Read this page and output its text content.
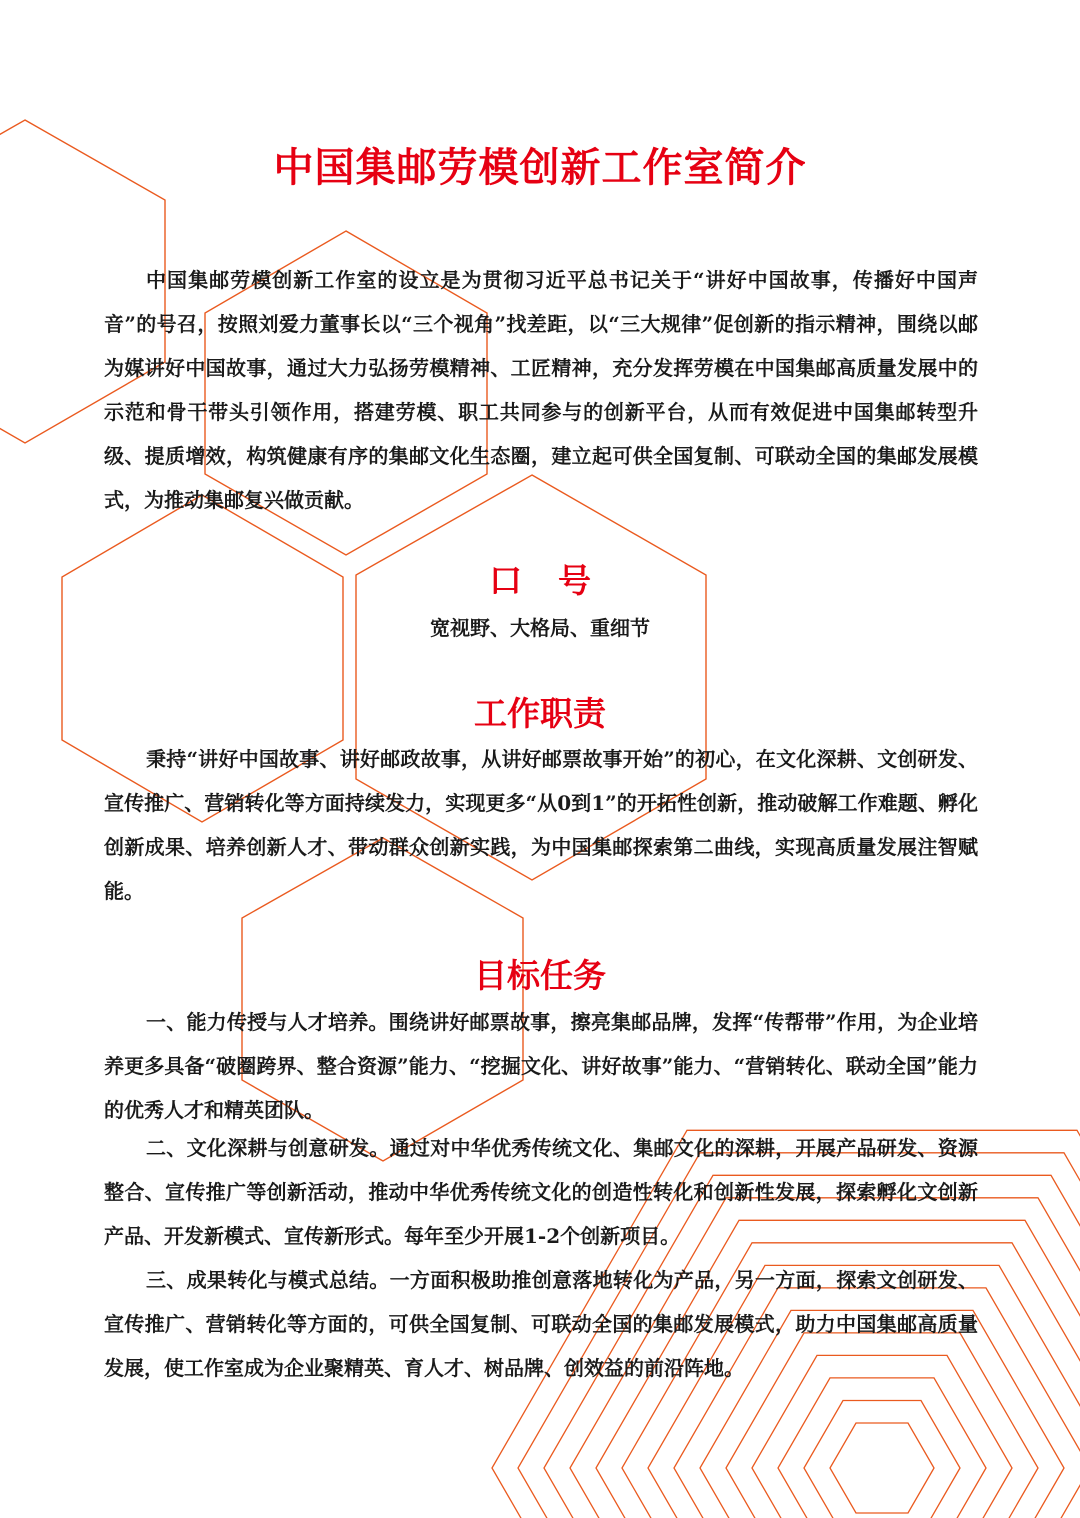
中国集邮劳模创新工作室简介

中国集邮劳模创新工作室的设立是为贯彻习近平总书记关于“讲好中国故事，传播好中国声音”的号召，按照刘爱力董事长以“三个视角”找差距，以“三大规律”促创新的指示精神，围绕以邮为媒讲好中国故事，通过大力弘扬劳模精神、工匠精神，充分发挥劳模在中国集邮高质量发展中的示范和骨干带头引领作用，搭建劳模、职工共同参与的创新平台，从而有效促进中国集邮转型升级、提质增效，构筑健康有序的集邮文化生态圈，建立起可供全国复制、可联动全国的集邮发展模式，为推动集邮复兴做贡献。

口号
宽视野、大格局、重细节
工作职责

秉持“讲好中国故事、讲好邮政故事，从讲好邮票故事开始”的初心，在文化深耕、文创研发、宣传推广、营销转化等方面持续发力，实现更多“从0到1”的开拓性创新，推动破解工作难题、孵化创新成果、培养创新人才、带动群众创新实践，为中国集邮探索第二曲线，实现高质量发展注智赋能。

目标任务

一、能力传授与人才培养。围绕讲好邮票故事，擦亮集邮品牌，发挥“传帮带”作用，为企业培养更多具备“破圈跨界、整合资源”能力、“挖掘文化、讲好故事”能力、“营销转化、联动全国”能力的优秀人才和精英团队。

二、文化深耕与创意研发。通过对中华优秀传统文化、集邮文化的深耕，开展产品研发、资源整合、宣传推广等创新活动，推动中华优秀传统文化的创造性转化和创新性发展，探索孵化文创新产品、开发新模式、宣传新形式。每年至少开展1-2个创新项目。

三、成果转化与模式总结。一方面积极助推创意落地转化为产品，另一方面，探索文创研发、宣传推广、营销转化等方面的，可供全国复制、可联动全国的集邮发展模式，助力中国集邮高质量发展，使工作室成为企业聚精英、育人才、树品牌、创效益的前沿阵地。
